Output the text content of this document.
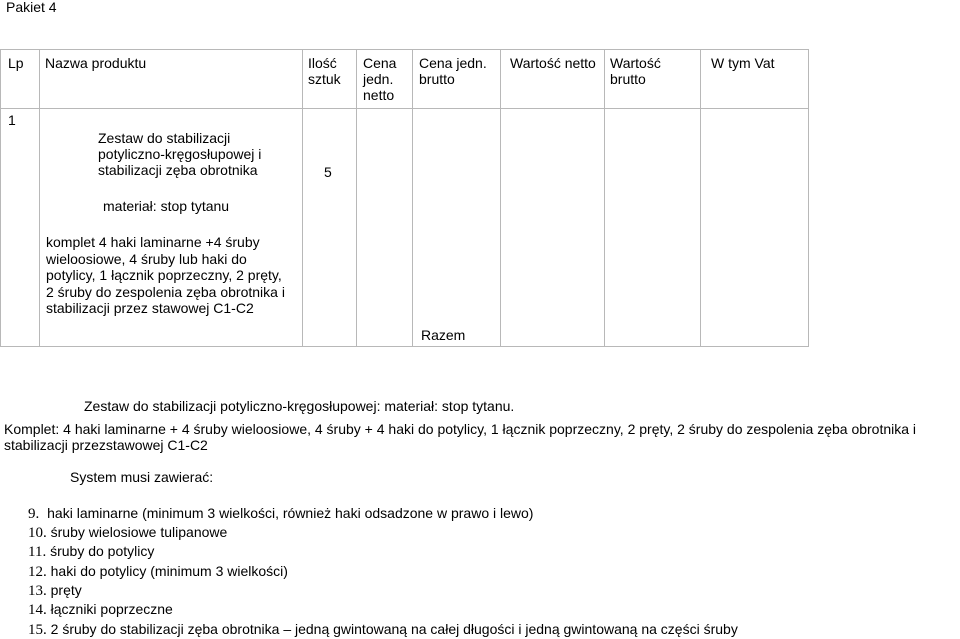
Pakiet 4
Lp Nazwa produktu	Ilość
sztuk
Cena
jedn.
netto
Cena jedn.
brutto
Wartość netto Wartość
brutto
W tym Vat
1
Zestaw do stabilizacji
potyliczno-kręgosłupowej i
stabilizacji zęba obrotnika	5
materiał: stop tytanu
komplet 4 haki laminarne +4 śruby
wieloosiowe, 4 śruby lub haki do
potylicy, 1 łącznik poprzeczny, 2 pręty,
2 śruby do zespolenia zęba obrotnika i
stabilizacji przez stawowej C1-C2
Razem
Zestaw do stabilizacji potyliczno-kręgosłupowej: materiał: stop tytanu.
Komplet: 4 haki laminarne + 4 śruby wieloosiowe, 4 śruby + 4 haki do potylicy, 1 łącznik poprzeczny, 2 pręty, 2 śruby do zespolenia zęba obrotnika i
stabilizacji przezstawowej C1-C2
System musi zawierać:
9. haki laminarne (minimum 3 wielkości, również haki odsadzone w prawo i lewo)
10. śruby wielosiowe tulipanowe
11. śruby do potylicy
12. haki do potylicy (minimum 3 wielkości)
13. pręty
14. łączniki poprzeczne
15. 2 śruby do stabilizacji zęba obrotnika – jedną gwintowaną na całej długości i jedną gwintowaną na części śruby
